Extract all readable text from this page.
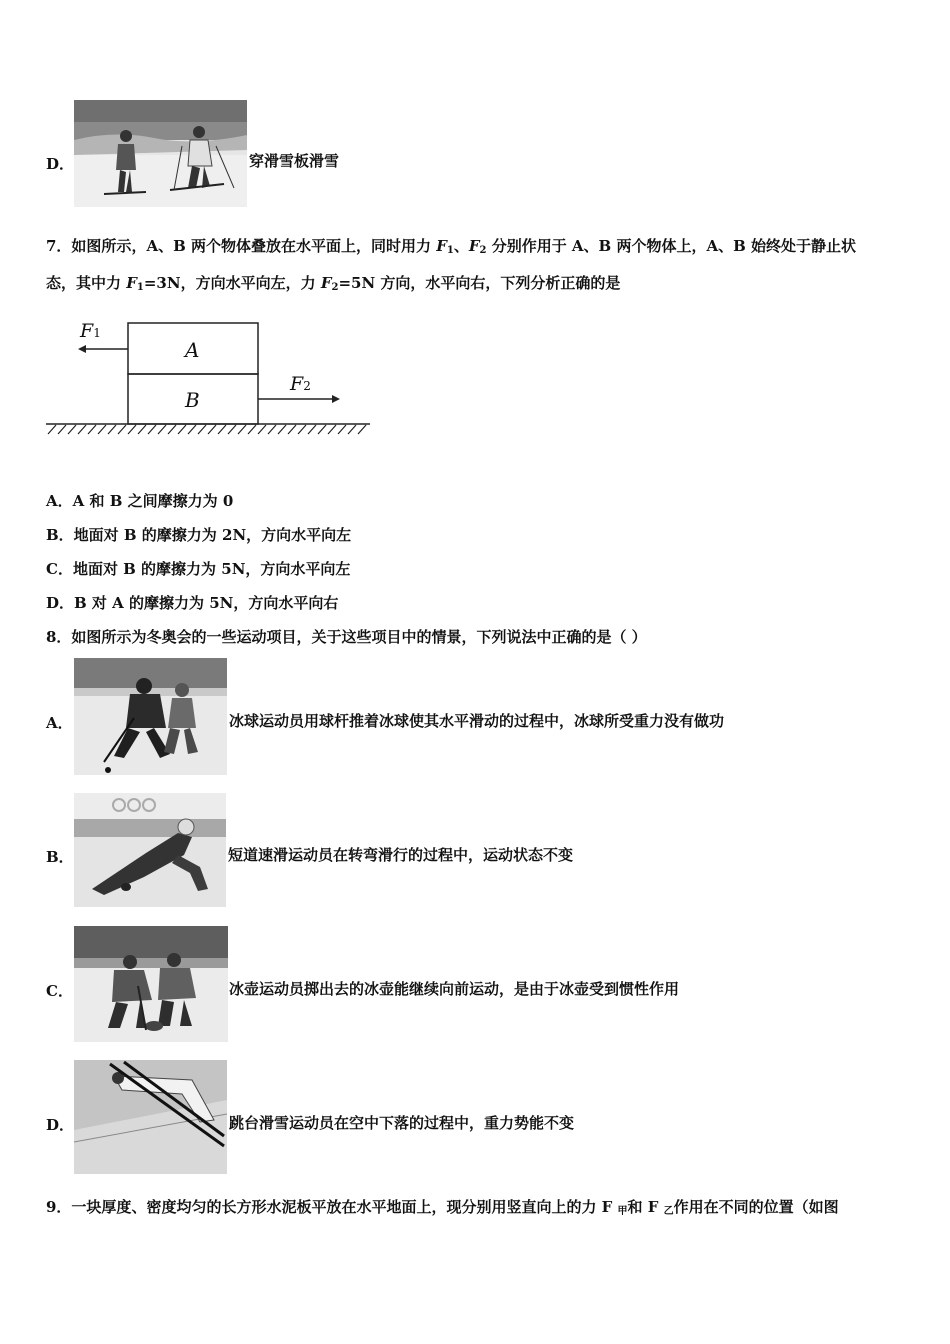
D．	穿滑雪板滑雪
7．如图所示，A、B 两个物体叠放在水平面上，同时用力 $F_1$、$F_2$ 分别作用于 A、B 两个物体上，A、B 始终处于静止状
态，其中力 $F_1=3N$，方向水平向左，力 $F_2=5N$ 方向，水平向右，下列分析正确的是
A
B
F1
F2
A．A 和 B 之间摩擦力为 0
B．地面对 B 的摩擦力为 2N，方向水平向左
C．地面对 B 的摩擦力为 5N，方向水平向左
D．B 对 A 的摩擦力为 5N，方向水平向右
8．如图所示为冬奥会的一些运动项目，关于这些项目中的情景，下列说法中正确的是（ ）
A．	冰球运动员用球杆推着冰球使其水平滑动的过程中，冰球所受重力没有做功
B．	短道速滑运动员在转弯滑行的过程中，运动状态不变
C．	冰壶运动员掷出去的冰壶能继续向前运动，是由于冰壶受到惯性作用
D．	跳台滑雪运动员在空中下落的过程中，重力势能不变
9．一块厚度、密度均匀的长方形水泥板平放在水平地面上，现分别用竖直向上的力 F $_甲$和 F $_乙$作用在不同的位置（如图
